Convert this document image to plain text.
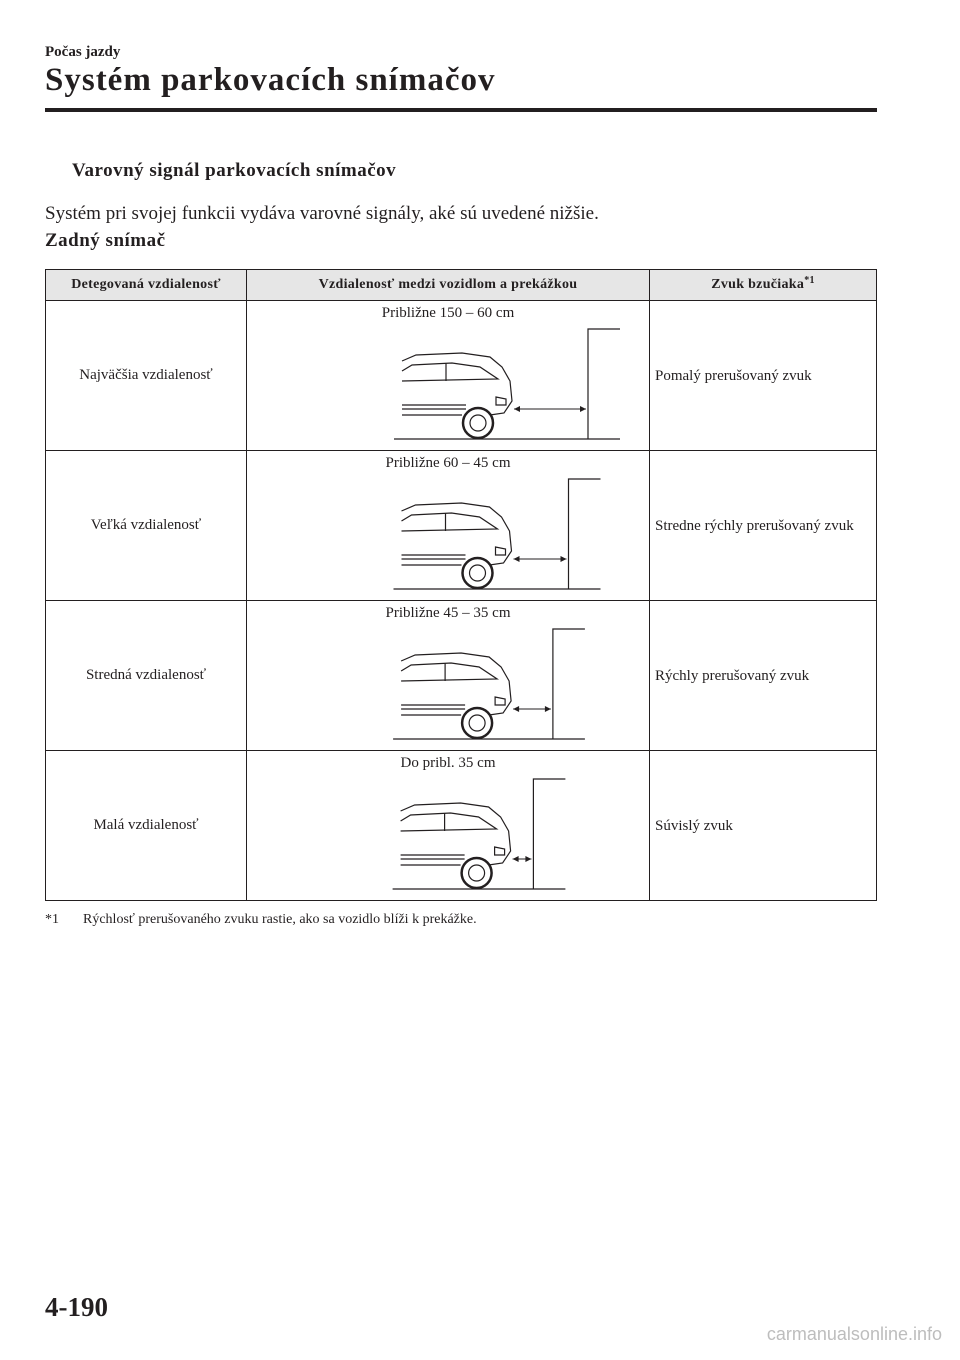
Počas jazdy
Systém parkovacích snímačov
Varovný signál parkovacích snímačov

Systém pri svojej funkcii vydáva varovné signály, aké sú uvedené nižšie.

Zadný snímač
Detegovaná vzdialenosť	Vzdialenosť medzi vozidlom a prekážkou	Zvuk bzučiaka$^{*1}$
Najväčšia vzdialenosť	Približne 150 – 60 cm	Pomalý prerušovaný zvuk
Veľká vzdialenosť	Približne 60 – 45 cm	Stredne rýchly prerušovaný zvuk
Stredná vzdialenosť	Približne 45 – 35 cm	Rýchly prerušovaný zvuk
Malá vzdialenosť	Do pribl. 35 cm	Súvislý zvuk

*1 Rýchlosť prerušovaného zvuku rastie, ako sa vozidlo blíži k prekážke.

4-190
carmanualsonline.info
